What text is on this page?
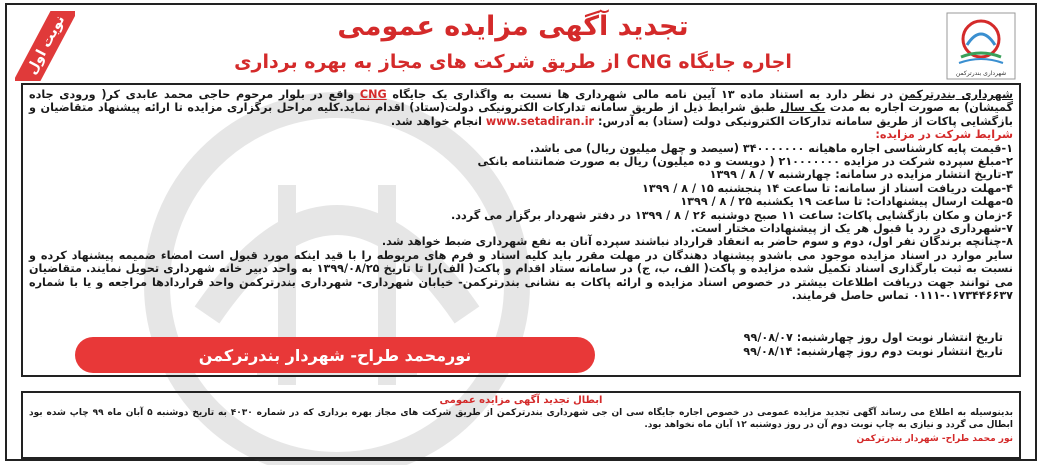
نوبت اول	شهرداری بندرترکمن
تجدید آگهی مزایده عمومی
اجاره جایگاه CNG از طریق شرکت های مجاز به بهره برداری

شهرداری بندرترکمن در نظر دارد به استناد ماده ۱۳ آیین نامه مالی شهرداری ها نسبت به واگذاری یک جایگاه CNG واقع در بلوار مرحوم حاجی محمد عابدی کر( ورودی جاده گمیشان) به صورت اجاره به مدت یک سال طبق شرایط ذیل از طریق سامانه تدارکات الکترونیکی دولت(ستاد) اقدام نماید.کلیه مراحل برگزاری مزایده تا ارائه پیشنهاد متقاضیان و بازگشایی پاکات از طریق سامانه تدارکات الکترونیکی دولت (ستاد) به آدرس: www.setadiran.ir انجام خواهد شد.

شرایط شرکت در مزایده:

۱-قیمت پایه کارشناسی اجاره ماهیانه ۳۴۰۰۰۰۰۰۰ (سیصد و چهل میلیون ریال) می باشد.

۲-مبلغ سپرده شرکت در مزایده ۲۱۰۰۰۰۰۰۰ ( دویست و ده میلیون) ریال به صورت ضمانتنامه بانکی

۳-تاریخ انتشار مزایده در سامانه: چهارشنبه ۷ / ۸ / ۱۳۹۹

۴-مهلت دریافت اسناد از سامانه: تا ساعت ۱۴ پنجشنبه ۱۵ / ۸ / ۱۳۹۹

۵-مهلت ارسال پیشنهادات: تا ساعت ۱۹ یکشنبه ۲۵ / ۸ / ۱۳۹۹

۶-زمان و مکان بازگشایی پاکات: ساعت ۱۱ صبح دوشنبه ۲۶ / ۸ / ۱۳۹۹ در دفتر شهردار برگزار می گردد.

۷-شهرداری در رد یا قبول هر یک از پیشنهادات مختار است.

۸-چنانچه برندگان نفر اول، دوم و سوم حاضر به انعقاد قرارداد نباشند سپرده آنان به نفع شهرداری ضبط خواهد شد.

سایر موارد در اسناد مزایده موجود می باشدو پیشنهاد دهندگان در مهلت مقرر باید کلیه اسناد و فرم های مربوطه را با قید اینکه مورد قبول است امضاء ضمیمه پیشنهاد کرده و نسبت به ثبت بارگذاری اسناد تکمیل شده مزایده و پاکت( الف، ب، ج) در سامانه ستاد اقدام و پاکت( الف)را تا تاریخ ۱۳۹۹/۰۸/۲۵ به واحد دبیر خانه شهرداری تحویل نمایند. متقاضیان می توانند جهت دریافت اطلاعات بیشتر در خصوص اسناد مزایده و ارائه پاکات به نشانی بندرترکمن- خیابان شهرداری- شهرداری بندرترکمن واحد قراردادها مراجعه و یا با شماره ۰۱۷۳۴۴۶۶۳۷-۰۱۱۱ تماس حاصل فرمایند.

تاریخ انتشار نوبت اول روز چهارشنبه: ۹۹/۰۸/۰۷
تاریخ انتشار نوبت دوم روز چهارشنبه: ۹۹/۰۸/۱۴
نورمحمد طراح- شهردار بندرترکمن
ابطال تجدید آگهی مزایده عمومی
بدینوسیله به اطلاع می رساند آگهی تجدید مزایده عمومی در خصوص اجاره جایگاه سی ان جی شهرداری بندرترکمن از طریق شرکت های مجاز بهره برداری که در شماره ۴۰۳۰ به تاریخ دوشنبه ۵ آبان ماه ۹۹ چاپ شده بود ابطال می گردد و نیازی به چاپ نوبت دوم آن در روز دوشنبه ۱۲ آبان ماه نخواهد بود.
نور محمد طراح- شهردار بندرترکمن
